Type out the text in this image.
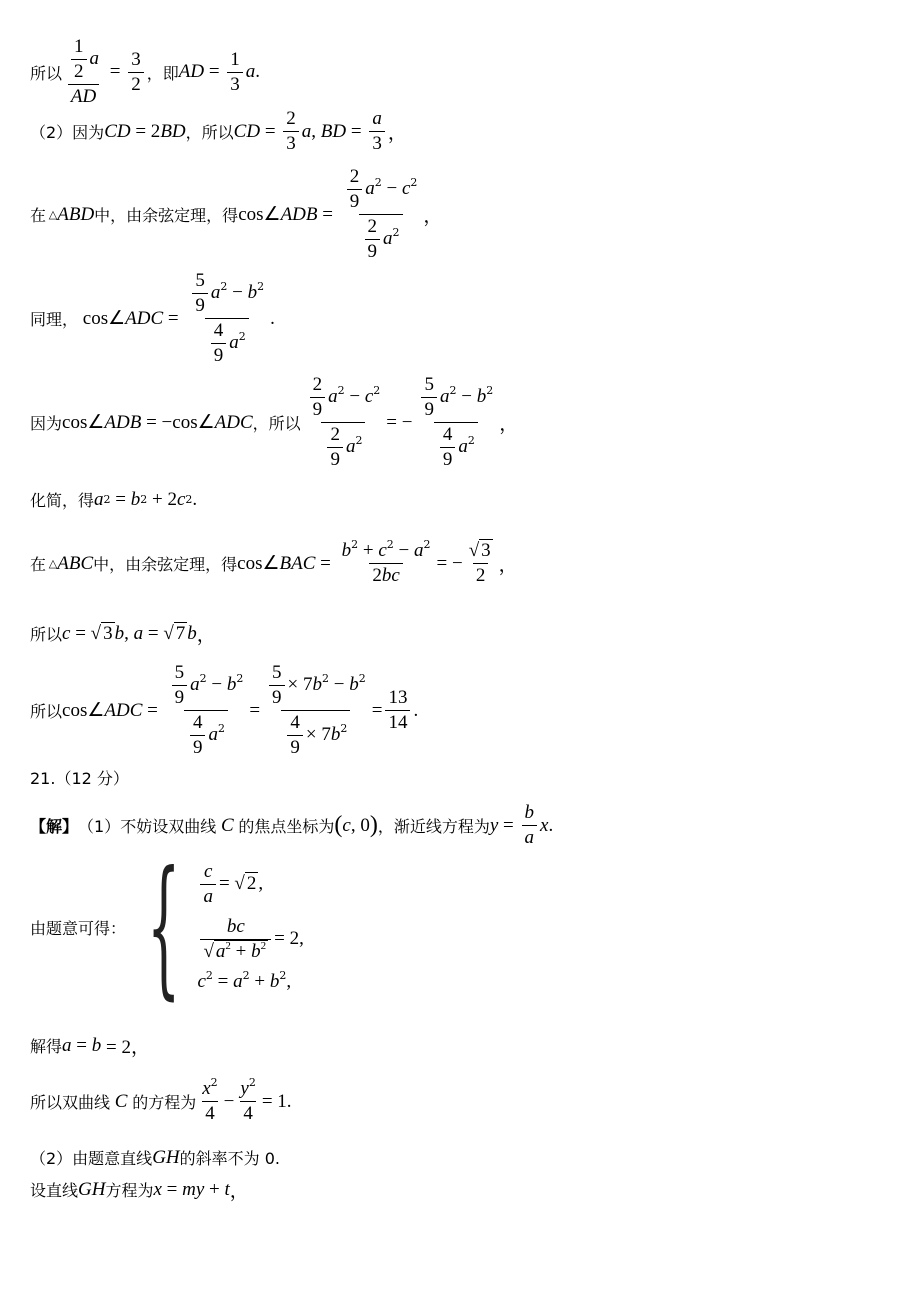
所以 $\frac{\frac{1}{2} a}{AD} = \frac{3}{2}$ ，即 AD = $\frac{1}{3}$ a .
（2）因为 CD = 2 BD ，所以 CD = $\frac{2}{3}$ a , BD = $\frac{a}{3}$ ，
在 △ ABD 中，由余弦定理，得 cos∠ ADB = $\frac{\frac{2}{9} a^2 - c^2}{\frac{2}{9} a^2}$ ，
同理， cos∠ ADC = $\frac{\frac{5}{9} a^2 - b^2}{\frac{4}{9} a^2}$ .
因为 cos∠ ADB = −cos∠ ADC ，所以 $\frac{\frac{2}{9} a^2 - c^2}{\frac{2}{9} a^2}$ = − $\frac{\frac{5}{9} a^2 - b^2}{\frac{4}{9} a^2}$ ，
化简，得 a 2 = b 2 + 2 c 2 .
在 △ ABC 中，由余弦定理，得 cos∠ BAC = $\frac{b^2 + c^2 - a^2}{2bc}$ = − $\frac{√ 3}{2}$ ，
所以 c = √ 3 b , a = √ 7 b ，
所以 cos∠ ADC = $\frac{\frac{5}{9} a^2 - b^2}{\frac{4}{9} a^2} = \frac{\frac{5}{9} \times 7b^2 - b^2}{\frac{4}{9} \times 7b^2} = \frac{13}{14}$ .
21.（12 分）
【解】 （1）不妨设双曲线 C 的焦点坐标为 ( c , 0 ) ，渐近线方程为 $y = \frac{b}{a}$ x .
由题意可得： { $\frac{c}{a}$ = √ 2 ,
$\frac{bc}{√ a^2 + b^2} = 2$,
$c^2 = a^2 + b^2$,
解得 a = b = 2，
所以双曲线 C 的方程为 $\frac{x^2}{4} - \frac{y^2}{4} = 1$.
（2）由题意直线 GH 的斜率不为 0.
设直线 GH 方程为 x = my + t ，
